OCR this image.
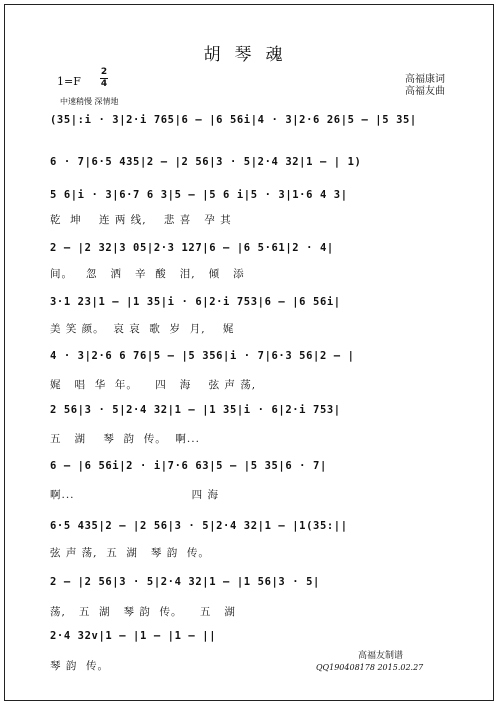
胡琴魂
高福康词
高福友曲
1=F
2
4
中速稍慢 深情地
(35|:i · 3|2·i 765|6 – |6 56i|4 · 3|2·6 26|5 – |5 35|
6 · 7|6·5 435|2 – |2 56|3 · 5|2·4 32|1 – | 1)
5 6|i · 3|6·7 6 3|5 – |5 6 i|5 · 3|1·6 4 3|
乾  坤    连 两 线,    悲 喜   孕 其
2 – |2 32|3 05|2·3 127|6 – |6 5·61|2 · 4|
间。   忽   洒   辛  酸   泪,   倾   添
3·1 23|1 – |1 35|i · 6|2·i 753|6 – |6 56i|
美 笑 颜。  哀 哀  歌  岁  月,    娓
4 · 3|2·6 6 76|5 – |5 356|i · 7|6·3 56|2 – |
娓   唱  华  年。    四   海    弦 声 荡,
2 56|3 · 5|2·4 32|1 – |1 35|i · 6|2·i 753|
五   湖    琴  韵  传。  啊...
6 – |6 56i|2 · i|7·6 63|5 – |5 35|6 · 7|
啊...                           四 海
6·5 435|2 – |2 56|3 · 5|2·4 32|1 – |1(35:||
弦 声 荡,  五  湖   琴 韵  传。
2 – |2 56|3 · 5|2·4 32|1 – |1 56|3 · 5|
荡,   五  湖   琴 韵  传。    五   湖
2·4 32v|1 – |1 – |1 – ||
琴 韵  传。
高福友制谱
QQ190408178 2015.02.27
